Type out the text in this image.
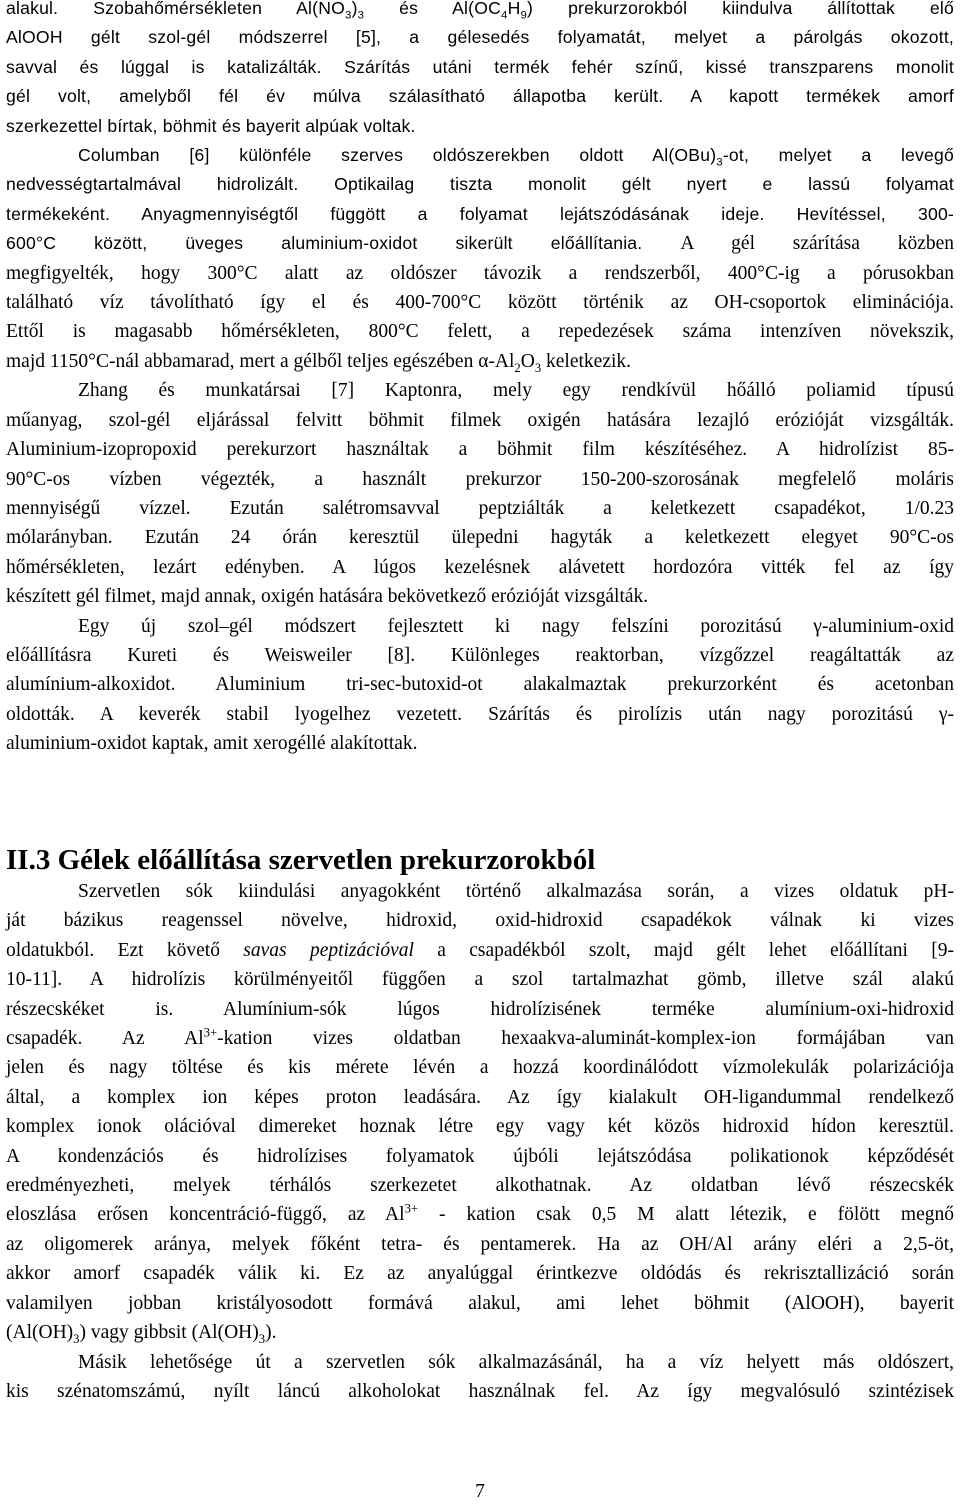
alakul. Szobahőmérsékleten $Al(NO_3)_3$ és $Al(OC_4H_9)$ prekurzorokból kiindulva állítottak elő
AlOOH gélt szol-gél módszerrel [5], a gélesedés folyamatát, melyet a párolgás okozott,
savval és lúggal is katalizálták. Szárítás utáni termék fehér színű, kissé transzparens monolit
gél volt, amelyből fél év múlva szálasítható állapotba került. A kapott termékek amorf
szerkezettel bírtak, böhmit és bayerit alpúak voltak.
Columban [6] különféle szerves oldószerekben oldott $Al(OBu)_3-ot$, melyet a levegő
nedvességtartalmával hidrolizált. Optikailag tiszta monolit gélt nyert e lassú folyamat
termékeként. Anyagmennyiségtől függött a folyamat lejátszódásának ideje. Hevítéssel, 300-
600°C között, üveges aluminium-oxidot sikerült előállítania. A gél szárítása közben
megfigyelték, hogy 300°C alatt az oldószer távozik a rendszerből, 400°C-ig a pórusokban
található víz távolítható így el és 400-700°C között történik az OH-csoportok eliminációja.
Ettől is magasabb hőmérsékleten, 800°C felett, a repedezések száma intenzíven növekszik,
majd 1150°C-nál abbamarad, mert a gélből teljes egészében $\alpha-Al_2O_3$ keletkezik.
Zhang és munkatársai [7] Kaptonra, mely egy rendkívül hőálló poliamid típusú
műanyag, szol-gél eljárással felvitt böhmit filmek oxigén hatására lezajló erózióját vizsgálták.
Aluminium-izopropoxid perekurzort használtak a böhmit film készítéséhez. A hidrolízist 85-
90°C-os vízben végezték, a használt prekurzor 150-200-szorosának megfelelő moláris
mennyiségű vízzel. Ezután salétromsavval peptziálták a keletkezett csapadékot, 1/0.23
mólarányban. Ezután 24 órán keresztül ülepedni hagyták a keletkezett elegyet 90°C-os
hőmérsékleten, lezárt edényben. A lúgos kezelésnek alávetett hordozóra vitték fel az így
készített gél filmet, majd annak, oxigén hatására bekövetkező erózióját vizsgálták.
Egy új szol–gél módszert fejlesztett ki nagy felszíni porozitású γ-aluminium-oxid
előállításra Kureti és Weisweiler [8]. Különleges reaktorban, vízgőzzel reagáltatták az
alumínium-alkoxidot. Aluminium tri-sec-butoxid-ot alakalmaztak prekurzorként és acetonban
oldották. A keverék stabil lyogelhez vezetett. Szárítás és pirolízis után nagy porozitású γ-
aluminium-oxidot kaptak, amit xerogéllé alakítottak.
II.3 Gélek előállítása szervetlen prekurzorokból
Szervetlen sók kiindulási anyagokként történő alkalmazása során, a vizes oldatuk pH-
ját bázikus reagenssel növelve, hidroxid, oxid-hidroxid csapadékok válnak ki vizes
oldatukból. Ezt követő savas peptizációval a csapadékból szolt, majd gélt lehet előállítani [9-
10-11]. A hidrolízis körülményeitől függően a szol tartalmazhat gömb, illetve szál alakú
részecskéket is. Alumínium-sók lúgos hidrolízisének terméke alumínium-oxi-hidroxid
csapadék. Az $Al^{3+}$-kation vizes oldatban hexaakva-aluminát-komplex-ion formájában van
jelen és nagy töltése és kis mérete lévén a hozzá koordinálódott vízmolekulák polarizációja
által, a komplex ion képes proton leadására. Az így kialakult OH-ligandummal rendelkező
komplex ionok olációval dimereket hoznak létre egy vagy két közös hidroxid hídon keresztül.
A kondenzációs és hidrolízises folyamatok újbóli lejátszódása polikationok képződését
eredményezheti, melyek térhálós szerkezetet alkothatnak. Az oldatban lévő részecskék
eloszlása erősen koncentráció-függő, az $Al^{3+}$ - kation csak 0,5 M alatt létezik, e fölött megnő
az oligomerek aránya, melyek főként tetra- és pentamerek. Ha az OH/Al arány eléri a 2,5-öt,
akkor amorf csapadék válik ki. Ez az anyalúggal érintkezve oldódás és rekrisztallizáció során
valamilyen jobban kristályosodott formává alakul, ami lehet böhmit (AlOOH), bayerit
$(Al(OH)_3)$ vagy gibbsit $(Al(OH)_3)$.
Másik lehetősége út a szervetlen sók alkalmazásánál, ha a víz helyett más oldószert,
kis szénatomszámú, nyílt láncú alkoholokat használnak fel. Az így megvalósuló szintézisek
7
